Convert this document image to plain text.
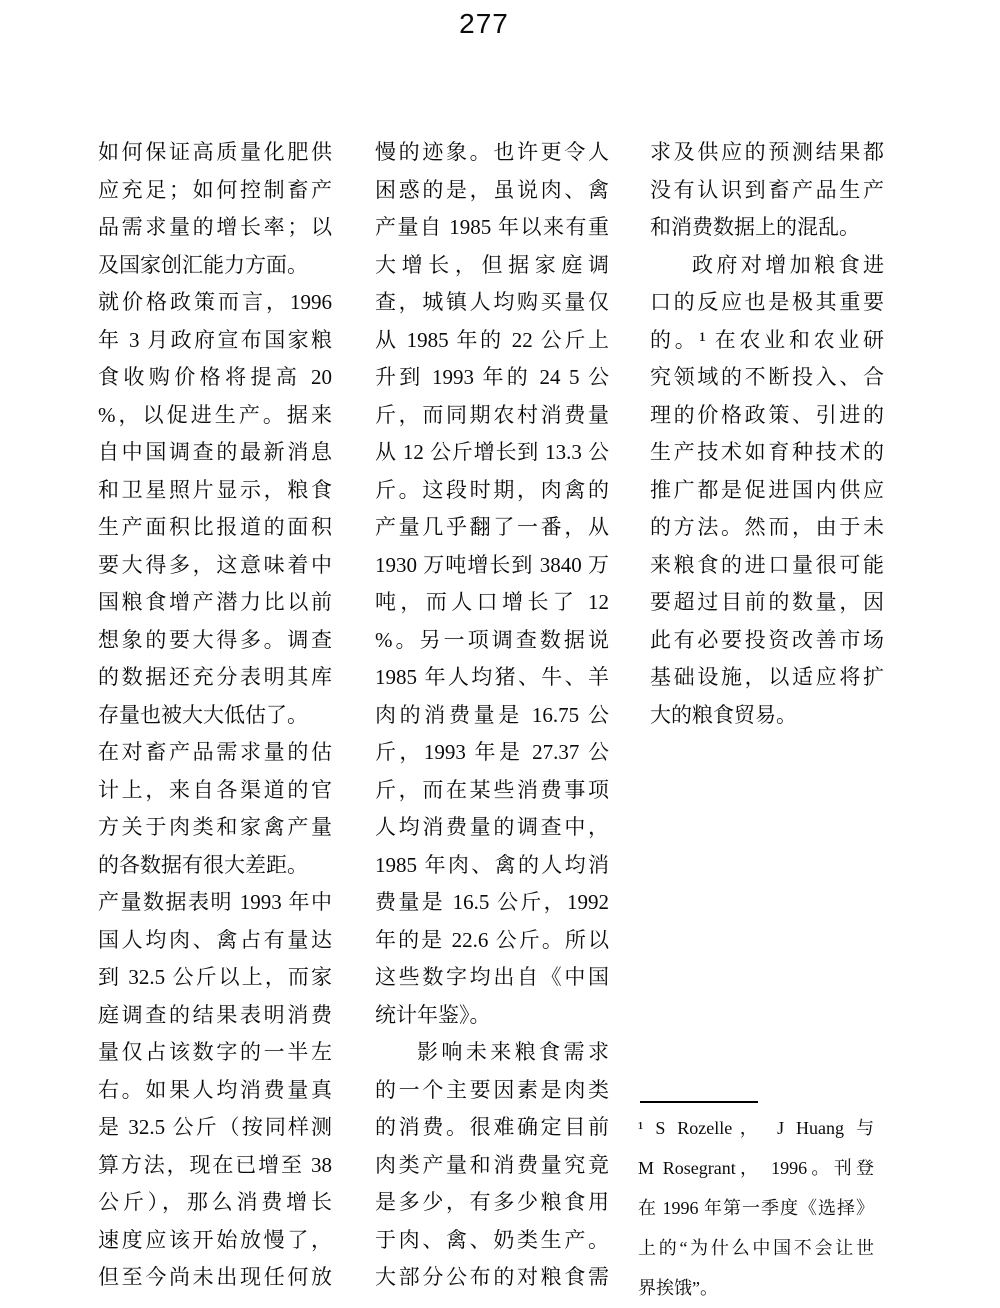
277
如何保证高质量化肥供
应充足；如何控制畜产
品需求量的增长率；以
及国家创汇能力方面。
就价格政策而言，1996
年 3 月政府宣布国家粮
食收购价格将提高 20
%，以促进生产。据来
自中国调查的最新消息
和卫星照片显示，粮食
生产面积比报道的面积
要大得多，这意味着中
国粮食增产潜力比以前
想象的要大得多。调查
的数据还充分表明其库
存量也被大大低估了。
在对畜产品需求量的估
计上，来自各渠道的官
方关于肉类和家禽产量
的各数据有很大差距。
产量数据表明 1993 年中
国人均肉、禽占有量达
到 32.5 公斤以上，而家
庭调查的结果表明消费
量仅占该数字的一半左
右。如果人均消费量真
是 32.5 公斤（按同样测
算方法，现在已增至 38
公斤），那么消费增长
速度应该开始放慢了，
但至今尚未出现任何放
慢的迹象。也许更令人
困惑的是，虽说肉、禽
产量自 1985 年以来有重
大增长，但据家庭调
查，城镇人均购买量仅
从 1985 年的 22 公斤上
升到 1993 年的 24 5 公
斤，而同期农村消费量
从 12 公斤增长到 13.3 公
斤。这段时期，肉禽的
产量几乎翻了一番，从
1930 万吨增长到 3840 万
吨，而人口增长了 12
%。另一项调查数据说
1985 年人均猪、牛、羊
肉的消费量是 16.75 公
斤，1993 年是 27.37 公
斤，而在某些消费事项
人均消费量的调查中，
1985 年肉、禽的人均消
费量是 16.5 公斤，1992
年的是 22.6 公斤。所以
这些数字均出自《中国
统计年鉴》。
影响未来粮食需求
的一个主要因素是肉类
的消费。很难确定目前
肉类产量和消费量究竟
是多少，有多少粮食用
于肉、禽、奶类生产。
大部分公布的对粮食需
求及供应的预测结果都
没有认识到畜产品生产
和消费数据上的混乱。
政府对增加粮食进
口的反应也是极其重要
的。¹ 在农业和农业研
究领域的不断投入、合
理的价格政策、引进的
生产技术如育种技术的
推广都是促进国内供应
的方法。然而，由于未
来粮食的进口量很可能
要超过目前的数量，因
此有必要投资改善市场
基础设施，以适应将扩
大的粮食贸易。
¹ S Rozelle， J Huang 与
M Rosegrant， 1996。刊登
在 1996 年第一季度《选择》
上的“为什么中国不会让世
界挨饿”。
